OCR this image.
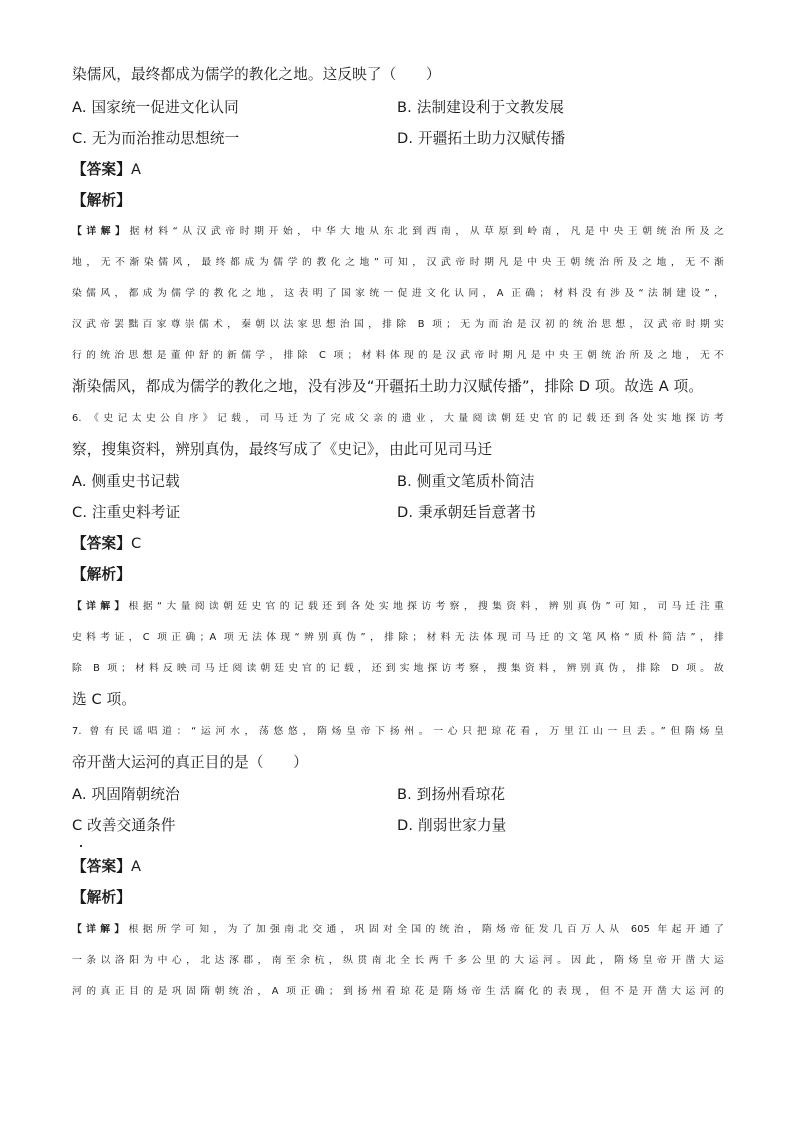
染儒风，最终都成为儒学的教化之地。这反映了（　　）
A. 国家统一促进文化认同	B. 法制建设利于文教发展
C. 无为而治推动思想统一	D. 开疆拓土助力汉赋传播
【答案】A
【解析】
【详解】据材料“从汉武帝时期开始，中华大地从东北到西南，从草原到岭南，凡是中央王朝统治所及之
地，无不渐染儒风，最终都成为儒学的教化之地”可知，汉武帝时期凡是中央王朝统治所及之地，无不渐
染儒风，都成为儒学的教化之地，这表明了国家统一促进文化认同，A 正确；材料没有涉及“法制建设”，
汉武帝罢黜百家尊崇儒术，秦朝以法家思想治国，排除 B 项；无为而治是汉初的统治思想，汉武帝时期实
行的统治思想是董仲舒的新儒学，排除 C 项；材料体现的是汉武帝时期凡是中央王朝统治所及之地，无不
渐染儒风，都成为儒学的教化之地，没有涉及“开疆拓土助力汉赋传播”，排除 D 项。故选 A 项。
6. 《史记太史公自序》记载，司马迁为了完成父亲的遗业，大量阅读朝廷史官的记载还到各处实地探访考
察，搜集资料，辨别真伪，最终写成了《史记》，由此可见司马迁
A. 侧重史书记载	B. 侧重文笔质朴简洁
C. 注重史料考证	D. 秉承朝廷旨意著书
【答案】C
【解析】
【详解】根据“大量阅读朝廷史官的记载还到各处实地探访考察，搜集资料，辨别真伪”可知，司马迁注重
史料考证，C 项正确；A 项无法体现“辨别真伪”，排除；材料无法体现司马迁的文笔风格“质朴简洁”，排
除 B 项；材料反映司马迁阅读朝廷史官的记载，还到实地探访考察，搜集资料，辨别真伪，排除 D 项。故
选 C 项。
7. 曾有民谣唱道：“运河水，荡悠悠，隋炀皇帝下扬州。一心只把琼花看，万里江山一旦丢。”但隋炀皇
帝开凿大运河的真正目的是（　　）
A. 巩固隋朝统治	B. 到扬州看琼花
C 改善交通条件	D. 削弱世家力量
【答案】A
【解析】
【详解】根据所学可知，为了加强南北交通，巩固对全国的统治，隋炀帝征发几百万人从 605 年起开通了
一条以洛阳为中心，北达涿郡，南至余杭，纵贯南北全长两千多公里的大运河。因此，隋炀皇帝开凿大运
河的真正目的是巩固隋朝统治，A 项正确；到扬州看琼花是隋炀帝生活腐化的表现，但不是开凿大运河的
